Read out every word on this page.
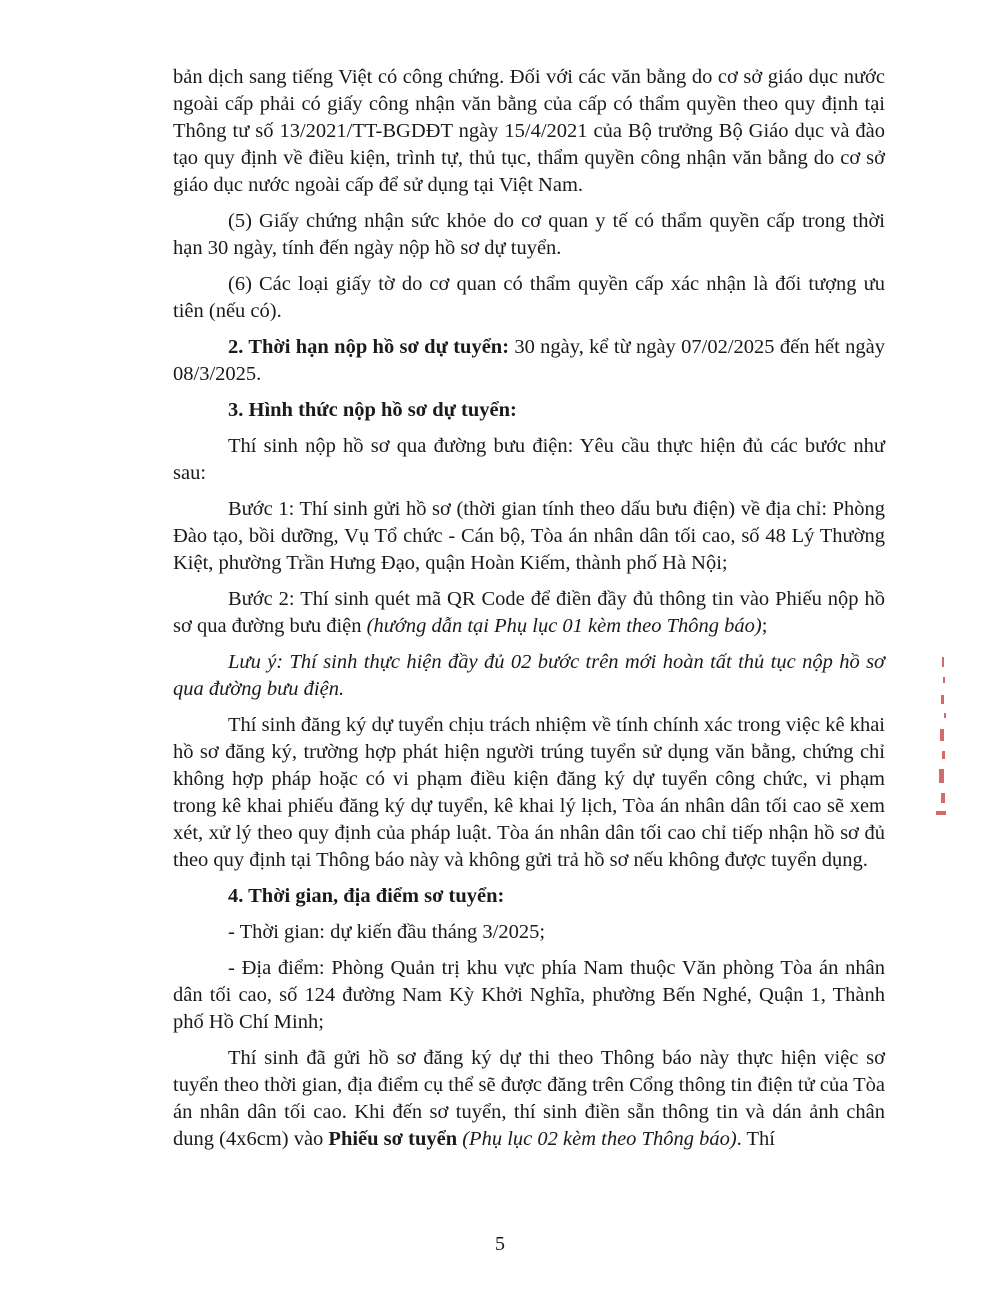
bản dịch sang tiếng Việt có công chứng. Đối với các văn bằng do cơ sở giáo dục nước ngoài cấp phải có giấy công nhận văn bằng của cấp có thẩm quyền theo quy định tại Thông tư số 13/2021/TT-BGDĐT ngày 15/4/2021 của Bộ trưởng Bộ Giáo dục và đào tạo quy định về điều kiện, trình tự, thủ tục, thẩm quyền công nhận văn bằng do cơ sở giáo dục nước ngoài cấp để sử dụng tại Việt Nam.

(5) Giấy chứng nhận sức khỏe do cơ quan y tế có thẩm quyền cấp trong thời hạn 30 ngày, tính đến ngày nộp hồ sơ dự tuyển.

(6) Các loại giấy tờ do cơ quan có thẩm quyền cấp xác nhận là đối tượng ưu tiên (nếu có).

2. Thời hạn nộp hồ sơ dự tuyển: 30 ngày, kể từ ngày 07/02/2025 đến hết ngày 08/3/2025.

3. Hình thức nộp hồ sơ dự tuyển:

Thí sinh nộp hồ sơ qua đường bưu điện: Yêu cầu thực hiện đủ các bước như sau:

Bước 1: Thí sinh gửi hồ sơ (thời gian tính theo dấu bưu điện) về địa chỉ: Phòng Đào tạo, bồi dưỡng, Vụ Tổ chức - Cán bộ, Tòa án nhân dân tối cao, số 48 Lý Thường Kiệt, phường Trần Hưng Đạo, quận Hoàn Kiếm, thành phố Hà Nội;

Bước 2: Thí sinh quét mã QR Code để điền đầy đủ thông tin vào Phiếu nộp hồ sơ qua đường bưu điện (hướng dẫn tại Phụ lục 01 kèm theo Thông báo);

Lưu ý: Thí sinh thực hiện đầy đủ 02 bước trên mới hoàn tất thủ tục nộp hồ sơ qua đường bưu điện.

Thí sinh đăng ký dự tuyển chịu trách nhiệm về tính chính xác trong việc kê khai hồ sơ đăng ký, trường hợp phát hiện người trúng tuyển sử dụng văn bằng, chứng chỉ không hợp pháp hoặc có vi phạm điều kiện đăng ký dự tuyển công chức, vi phạm trong kê khai phiếu đăng ký dự tuyển, kê khai lý lịch, Tòa án nhân dân tối cao sẽ xem xét, xử lý theo quy định của pháp luật. Tòa án nhân dân tối cao chỉ tiếp nhận hồ sơ đủ theo quy định tại Thông báo này và không gửi trả hồ sơ nếu không được tuyển dụng.

4. Thời gian, địa điểm sơ tuyển:

- Thời gian: dự kiến đầu tháng 3/2025;

- Địa điểm: Phòng Quản trị khu vực phía Nam thuộc Văn phòng Tòa án nhân dân tối cao, số 124 đường Nam Kỳ Khởi Nghĩa, phường Bến Nghé, Quận 1, Thành phố Hồ Chí Minh;

Thí sinh đã gửi hồ sơ đăng ký dự thi theo Thông báo này thực hiện việc sơ tuyển theo thời gian, địa điểm cụ thể sẽ được đăng trên Cổng thông tin điện tử của Tòa án nhân dân tối cao. Khi đến sơ tuyển, thí sinh điền sẵn thông tin và dán ảnh chân dung (4x6cm) vào Phiếu sơ tuyển (Phụ lục 02 kèm theo Thông báo). Thí

5
